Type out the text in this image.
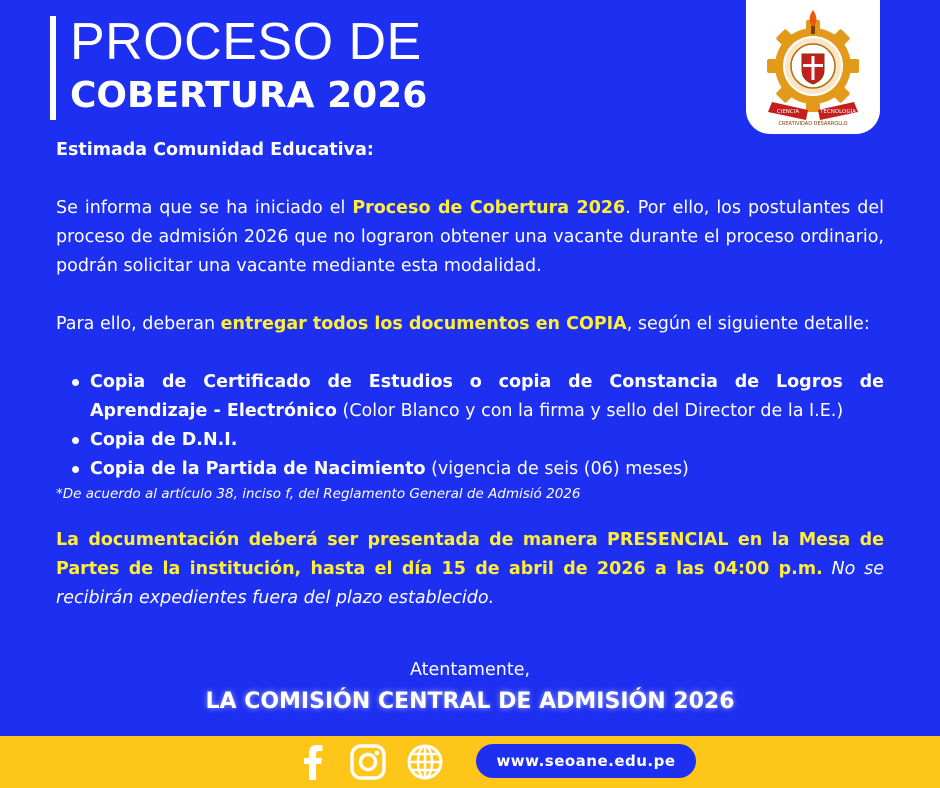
PROCESO DE
COBERTURA 2026	CIENCIA	TECNOLOGÍA
CREATIVIDAD DESARROLLO
Estimada Comunidad Educativa:
Se informa que se ha iniciado el Proceso de Cobertura 2026. Por ello, los postulantes del proceso de admisión 2026 que no lograron obtener una vacante durante el proceso ordinario, podrán solicitar una vacante mediante esta modalidad.
Para ello, deberan entregar todos los documentos en COPIA, según el siguiente detalle:
Copia de Certificado de Estudios o copia de Constancia de Logros de Aprendizaje - Electrónico (Color Blanco y con la firma y sello del Director de la I.E.)
Copia de D.N.I.
Copia de la Partida de Nacimiento (vigencia de seis (06) meses)
*De acuerdo al artículo 38, inciso f, del Reglamento General de Admisió 2026
La documentación deberá ser presentada de manera PRESENCIAL en la Mesa de Partes de la institución, hasta el día 15 de abril de 2026 a las 04:00 p.m. No se recibirán expedientes fuera del plazo establecido.
Atentamente,
LA COMISIÓN CENTRAL DE ADMISIÓN 2026
www.seoane.edu.pe
